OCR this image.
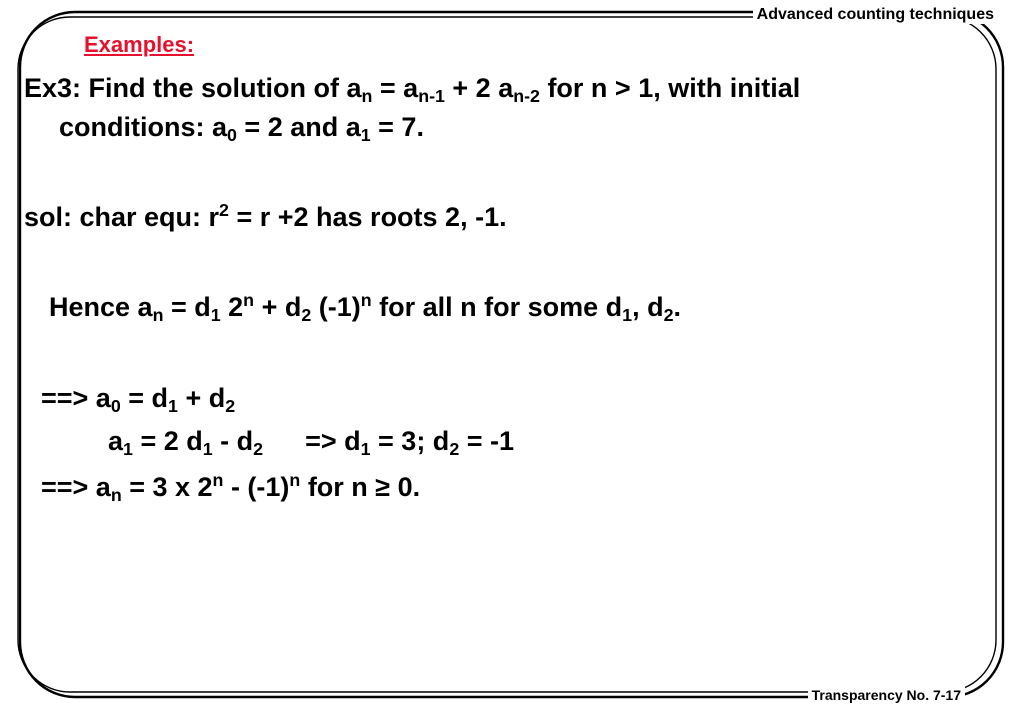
Advanced counting techniques
Transparency No. 7-17
Examples:
Ex3: Find the solution of $a_n = a_{n-1} + 2$ $a_{n-2}$ for n > 1, with initial
conditions: $a_0 = 2$ and $a_1 = 7$.
sol: char equ: $r^2 = r +2$ has roots 2, -1.
Hence $a_n = d_1$ $2^n + d_2$ $(-1)^n$ for all n for some $d_1$, $d_2$.
==> $a_0 = d_1 + d_2$
$a_1 = 2$ $d_1 - d_2 => d_1 = 3$; $d_2 = -1$
==> $a_n = 3$ x $2^n - (-1)^n$ for n ≥ 0.
